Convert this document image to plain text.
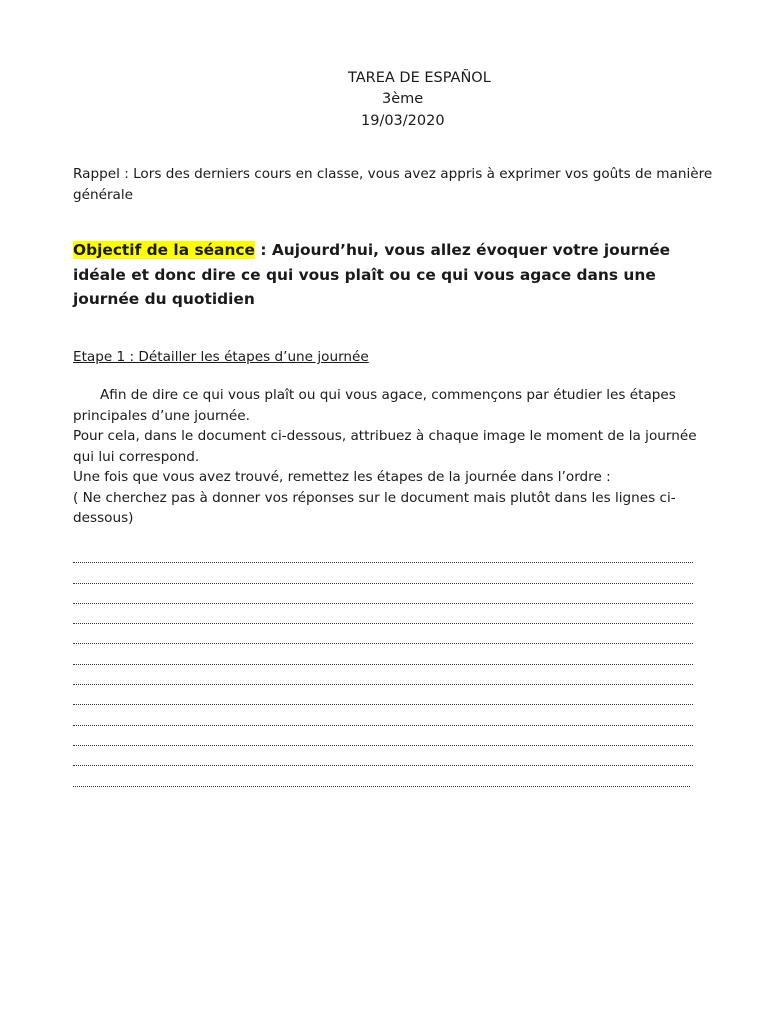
TAREA DE ESPAÑOL
3ème
19/03/2020
Rappel : Lors des derniers cours en classe, vous avez appris à exprimer vos goûts de manière générale
Objectif de la séance : Aujourd’hui, vous allez évoquer votre journée idéale et donc dire ce qui vous plaît ou ce qui vous agace dans une journée du quotidien
Etape 1 : Détailler les étapes d’une journée

Afin de dire ce qui vous plaît ou qui vous agace, commençons par étudier les étapes principales d’une journée.

Pour cela, dans le document ci-dessous, attribuez à chaque image le moment de la journée qui lui correspond.

Une fois que vous avez trouvé, remettez les étapes de la journée dans l’ordre :

( Ne cherchez pas à donner vos réponses sur le document mais plutôt dans les lignes ci-dessous)
